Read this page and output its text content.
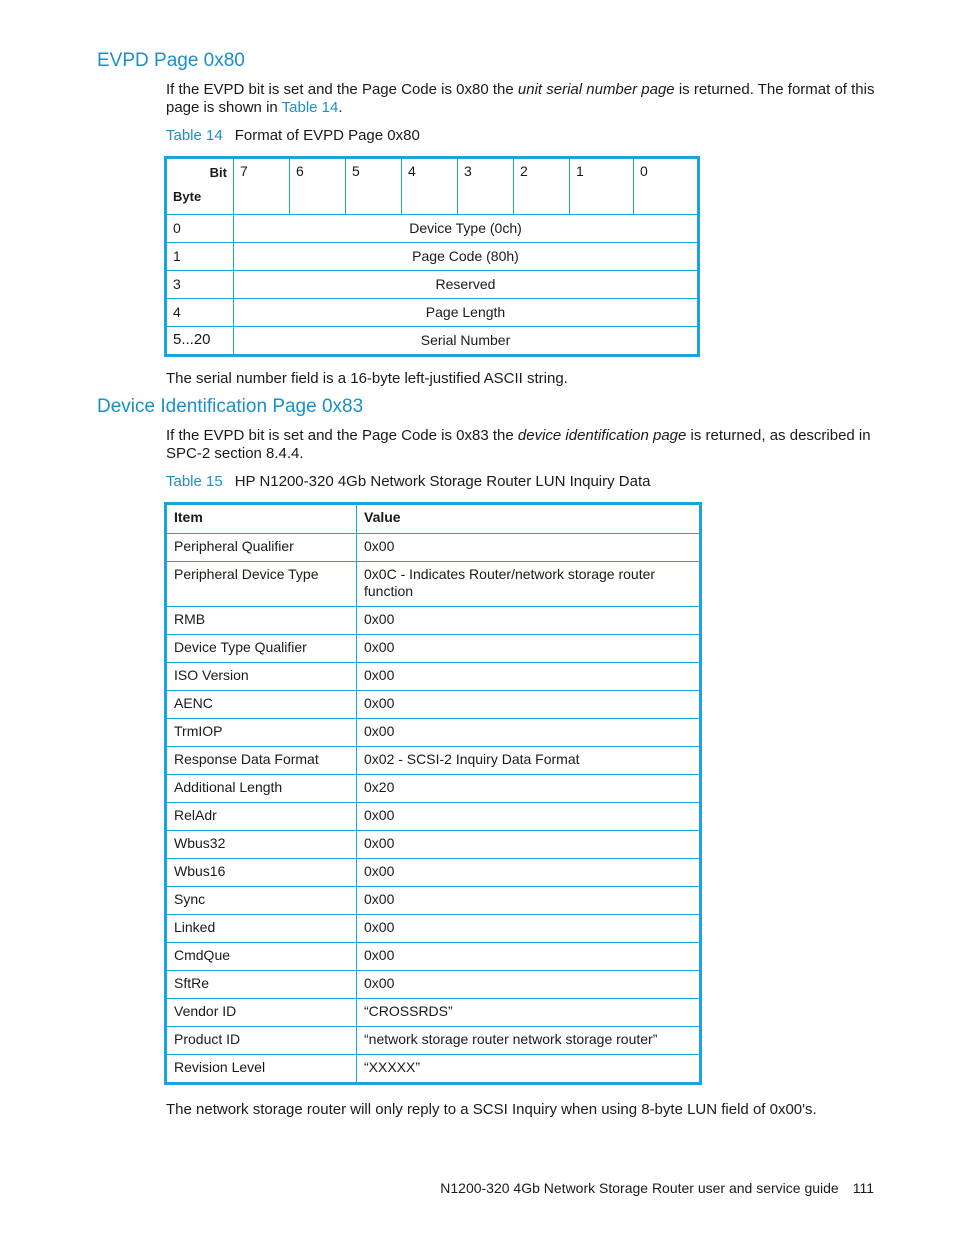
EVPD Page 0x80

If the EVPD bit is set and the Page Code is 0x80 the unit serial number page is returned. The format of this page is shown in Table 14.

Table 14 Format of EVPD Page 0x80

Bit
Byte	7	6	5	4	3	2	1	0
0	Device Type (0ch)							
1	Page Code (80h)							
3	Reserved							
4	Page Length							
5...20	Serial Number							

The serial number field is a 16-byte left-justified ASCII string.

Device Identification Page 0x83

If the EVPD bit is set and the Page Code is 0x83 the device identification page is returned, as described in SPC-2 section 8.4.4.

Table 15 HP N1200-320 4Gb Network Storage Router LUN Inquiry Data

Item	Value
Peripheral Qualifier	0x00
Peripheral Device Type	0x0C - Indicates Router/network storage router function
RMB	0x00
Device Type Qualifier	0x00
ISO Version	0x00
AENC	0x00
TrmIOP	0x00
Response Data Format	0x02 - SCSI-2 Inquiry Data Format
Additional Length	0x20
RelAdr	0x00
Wbus32	0x00
Wbus16	0x00
Sync	0x00
Linked	0x00
CmdQue	0x00
SftRe	0x00
Vendor ID	“CROSSRDS”
Product ID	“network storage router network storage router”
Revision Level	“XXXXX”

The network storage router will only reply to a SCSI Inquiry when using 8-byte LUN field of 0x00's.

N1200-320 4Gb Network Storage Router user and service guide 111
